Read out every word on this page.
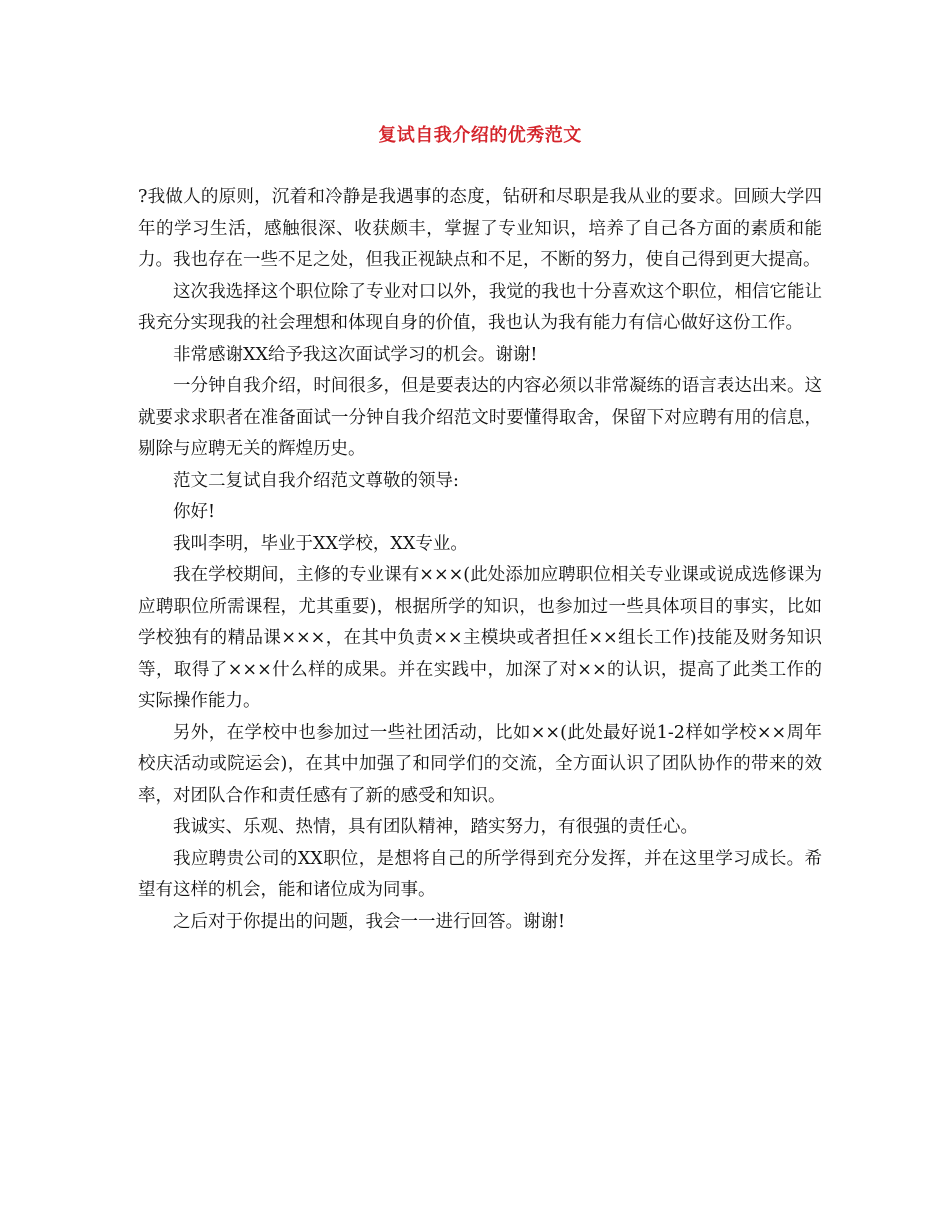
复试自我介绍的优秀范文

?我做人的原则，沉着和冷静是我遇事的态度，钻研和尽职是我从业的要求。回顾大学四年的学习生活，感触很深、收获颇丰，掌握了专业知识，培养了自己各方面的素质和能力。我也存在一些不足之处，但我正视缺点和不足，不断的努力，使自己得到更大提高。

这次我选择这个职位除了专业对口以外，我觉的我也十分喜欢这个职位，相信它能让我充分实现我的社会理想和体现自身的价值，我也认为我有能力有信心做好这份工作。

非常感谢XX给予我这次面试学习的机会。谢谢!

一分钟自我介绍，时间很多，但是要表达的内容必须以非常凝练的语言表达出来。这就要求求职者在准备面试一分钟自我介绍范文时要懂得取舍，保留下对应聘有用的信息，剔除与应聘无关的辉煌历史。

范文二复试自我介绍范文尊敬的领导:

你好!

我叫李明，毕业于XX学校，XX专业。

我在学校期间，主修的专业课有×××(此处添加应聘职位相关专业课或说成选修课为应聘职位所需课程，尤其重要)，根据所学的知识，也参加过一些具体项目的事实，比如学校独有的精品课×××，在其中负责××主模块或者担任××组长工作)技能及财务知识等，取得了×××什么样的成果。并在实践中，加深了对××的认识，提高了此类工作的实际操作能力。

另外，在学校中也参加过一些社团活动，比如××(此处最好说1-2样如学校××周年校庆活动或院运会)，在其中加强了和同学们的交流，全方面认识了团队协作的带来的效率，对团队合作和责任感有了新的感受和知识。

我诚实、乐观、热情，具有团队精神，踏实努力，有很强的责任心。

我应聘贵公司的XX职位，是想将自己的所学得到充分发挥，并在这里学习成长。希望有这样的机会，能和诸位成为同事。

之后对于你提出的问题，我会一一进行回答。谢谢!
